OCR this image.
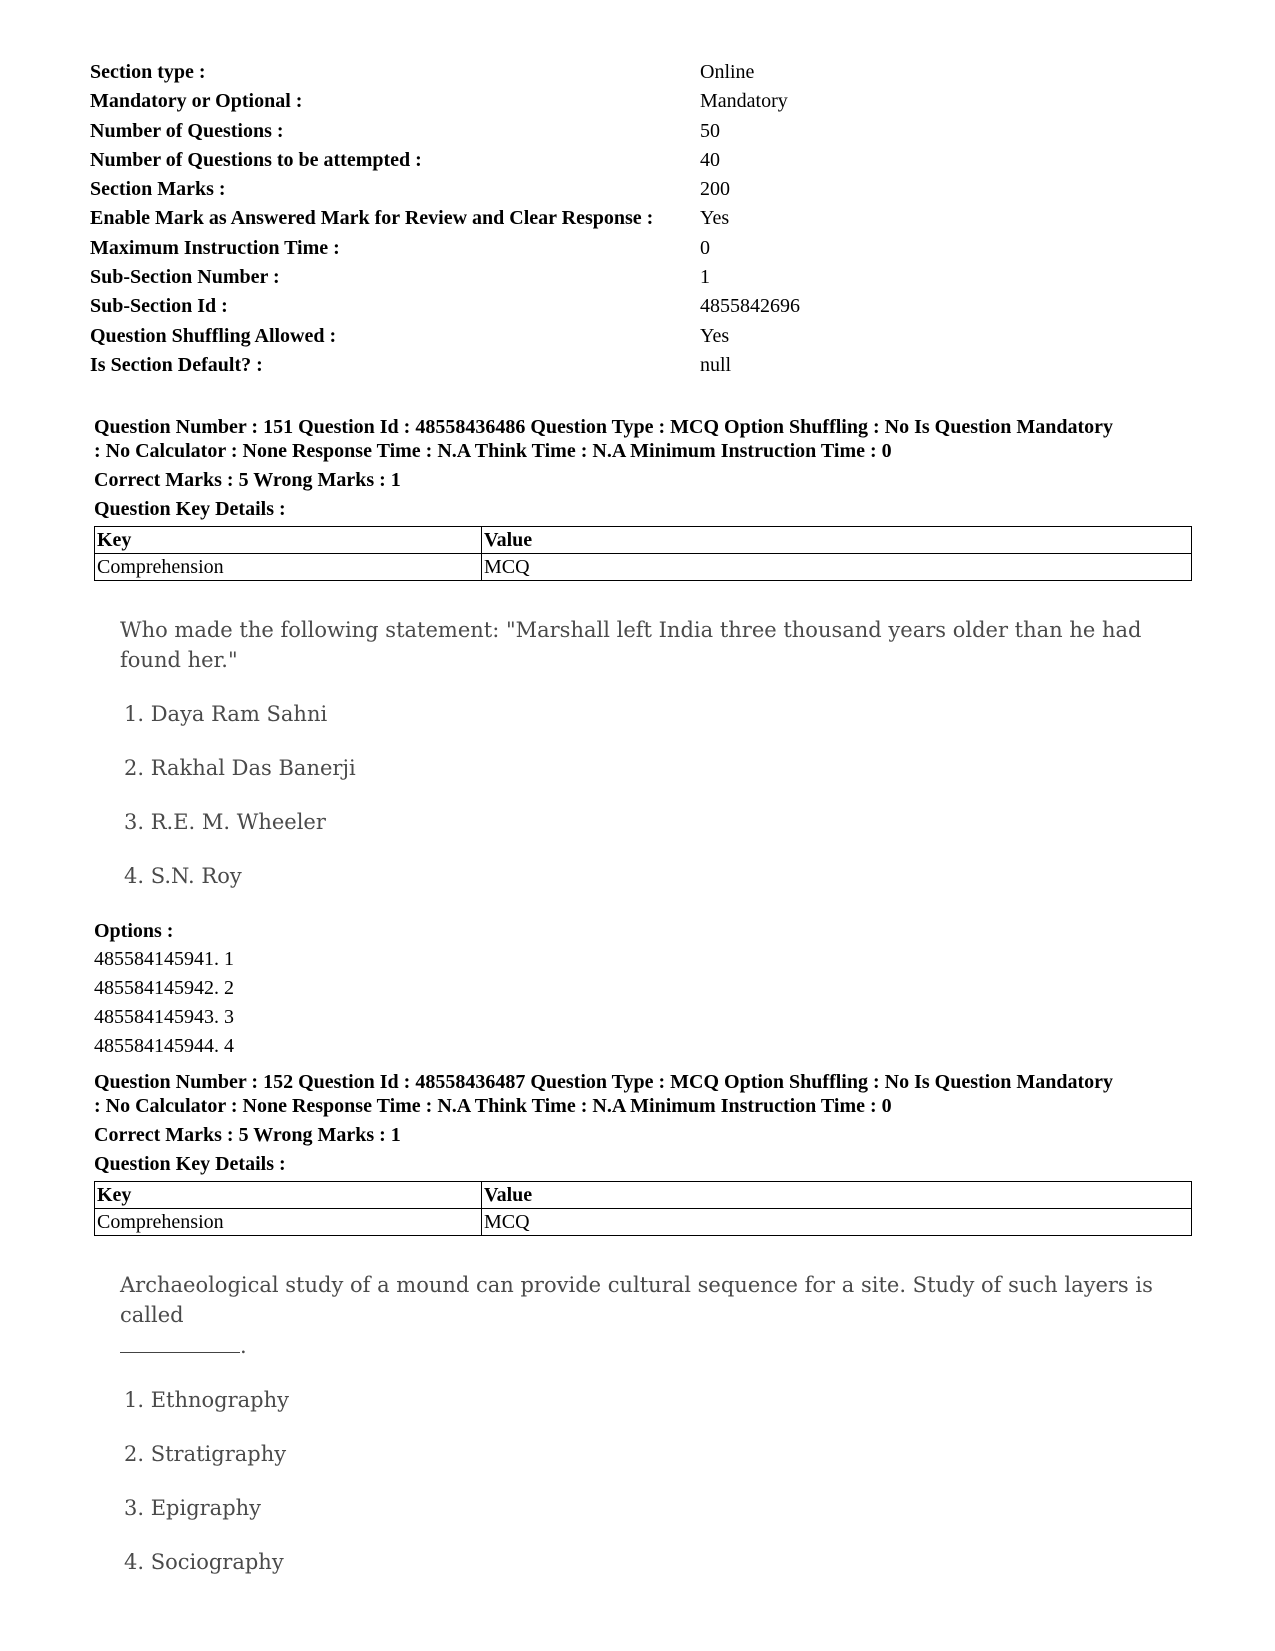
Section type :	Online
Mandatory or Optional :	Mandatory
Number of Questions :	50
Number of Questions to be attempted :	40
Section Marks :	200
Enable Mark as Answered Mark for Review and Clear Response :	Yes
Maximum Instruction Time :	0
Sub-Section Number :	1
Sub-Section Id :	4855842696
Question Shuffling Allowed :	Yes
Is Section Default? :	null
Question Number : 151 Question Id : 48558436486 Question Type : MCQ Option Shuffling : No Is Question Mandatory
: No Calculator : None Response Time : N.A Think Time : N.A Minimum Instruction Time : 0
Correct Marks : 5 Wrong Marks : 1
Question Key Details :
Key	Value
Comprehension	MCQ
Who made the following statement: "Marshall left India three thousand years older than he had found her."
1. Daya Ram Sahni
2. Rakhal Das Banerji
3. R.E. M. Wheeler
4. S.N. Roy
Options :
485584145941. 1
485584145942. 2
485584145943. 3
485584145944. 4
Question Number : 152 Question Id : 48558436487 Question Type : MCQ Option Shuffling : No Is Question Mandatory
: No Calculator : None Response Time : N.A Think Time : N.A Minimum Instruction Time : 0
Correct Marks : 5 Wrong Marks : 1
Question Key Details :
Key	Value
Comprehension	MCQ
Archaeological study of a mound can provide cultural sequence for a site. Study of such layers is called
.
1. Ethnography
2. Stratigraphy
3. Epigraphy
4. Sociography
